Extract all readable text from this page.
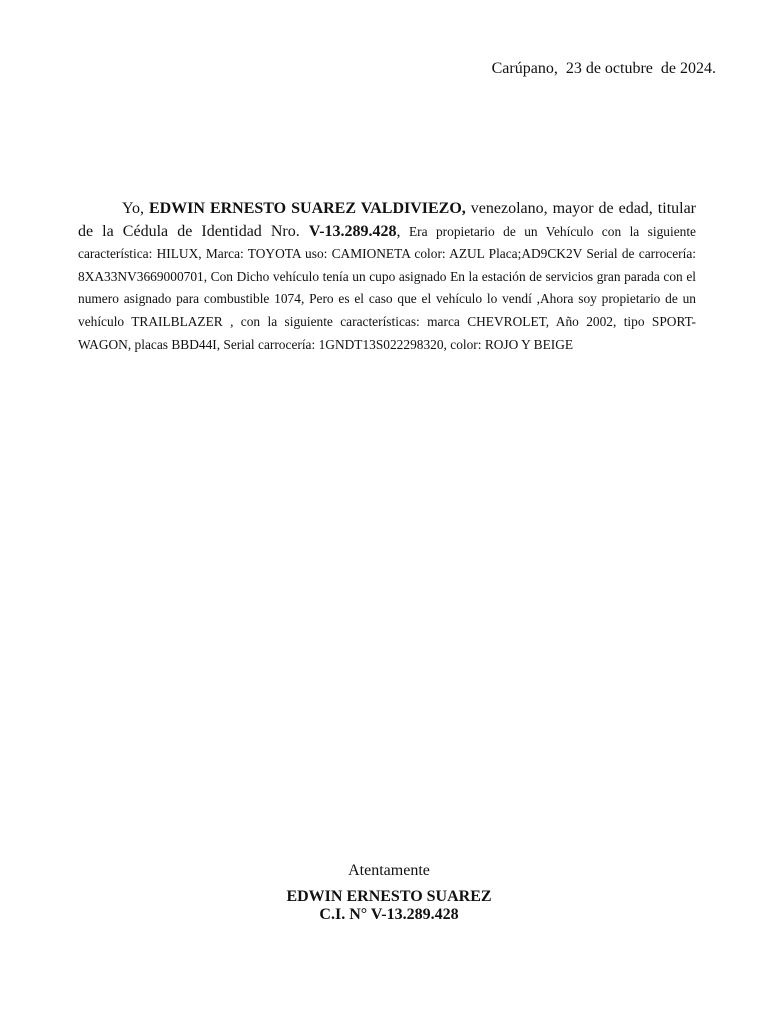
Carúpano,  23 de octubre  de 2024.
Yo, EDWIN ERNESTO SUAREZ VALDIVIEZO, venezolano, mayor de edad, titular de la Cédula de Identidad Nro. V-13.289.428, Era propietario de un Vehículo con la siguiente característica: HILUX, Marca: TOYOTA uso: CAMIONETA color: AZUL Placa;AD9CK2V Serial de carrocería: 8XA33NV3669000701, Con Dicho vehículo tenía un cupo asignado En la estación de servicios gran parada con el numero asignado para combustible 1074, Pero es el caso que el vehículo lo vendí ,Ahora soy propietario de un vehículo TRAILBLAZER , con la siguiente características: marca CHEVROLET, Año 2002, tipo SPORT-WAGON, placas BBD44I, Serial carrocería: 1GNDT13S022298320, color: ROJO Y BEIGE
Atentamente
EDWIN ERNESTO SUAREZ
C.I. N° V-13.289.428
